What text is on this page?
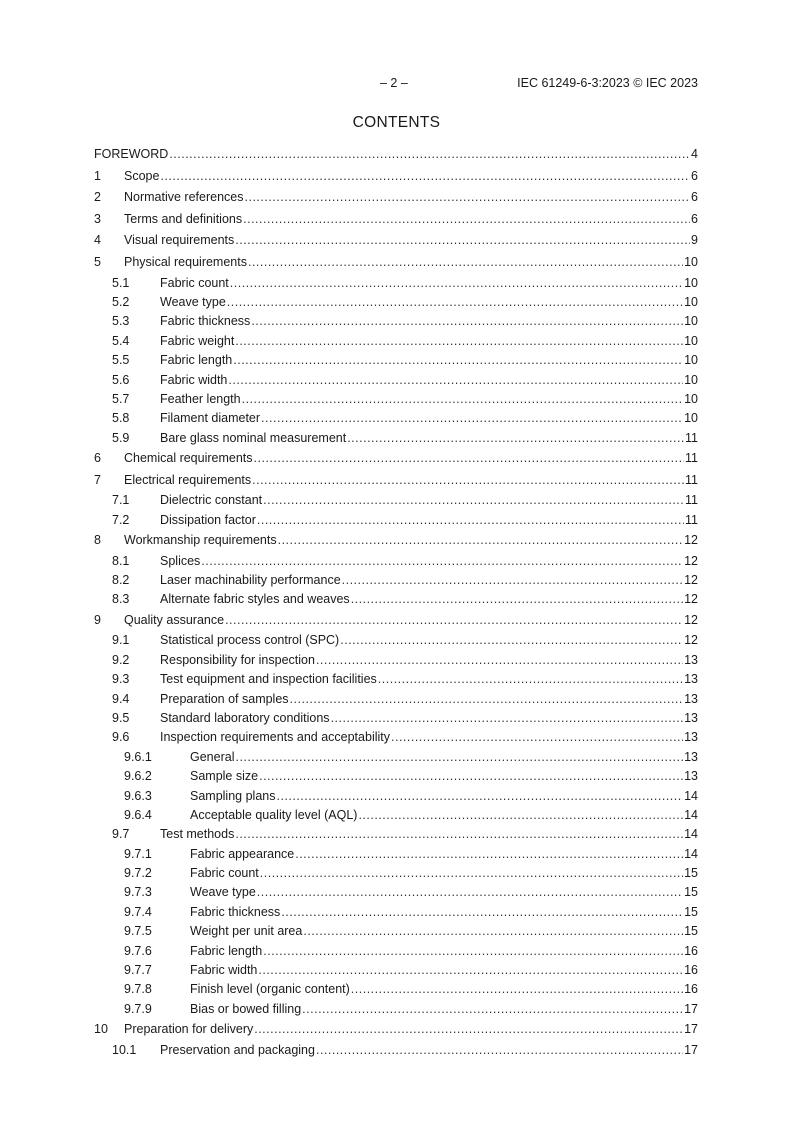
– 2 –	IEC 61249-6-3:2023 © IEC 2023
CONTENTS
FOREWORD .....	4
1	Scope .....	6
2	Normative references .....	6
3	Terms and definitions .....	6
4	Visual requirements .....	9
5	Physical requirements .....	10
5.1	Fabric count .....	10
5.2	Weave type .....	10
5.3	Fabric thickness .....	10
5.4	Fabric weight .....	10
5.5	Fabric length .....	10
5.6	Fabric width .....	10
5.7	Feather length .....	10
5.8	Filament diameter .....	10
5.9	Bare glass nominal measurement .....	11
6	Chemical requirements .....	11
7	Electrical requirements .....	11
7.1	Dielectric constant .....	11
7.2	Dissipation factor .....	11
8	Workmanship requirements .....	12
8.1	Splices .....	12
8.2	Laser machinability performance .....	12
8.3	Alternate fabric styles and weaves .....	12
9	Quality assurance .....	12
9.1	Statistical process control (SPC) .....	12
9.2	Responsibility for inspection .....	13
9.3	Test equipment and inspection facilities .....	13
9.4	Preparation of samples .....	13
9.5	Standard laboratory conditions .....	13
9.6	Inspection requirements and acceptability .....	13
9.6.1	General .....	13
9.6.2	Sample size .....	13
9.6.3	Sampling plans .....	14
9.6.4	Acceptable quality level (AQL) .....	14
9.7	Test methods .....	14
9.7.1	Fabric appearance .....	14
9.7.2	Fabric count .....	15
9.7.3	Weave type .....	15
9.7.4	Fabric thickness .....	15
9.7.5	Weight per unit area .....	15
9.7.6	Fabric length .....	16
9.7.7	Fabric width .....	16
9.7.8	Finish level (organic content) .....	16
9.7.9	Bias or bowed filling .....	17
10	Preparation for delivery .....	17
10.1	Preservation and packaging .....	17
